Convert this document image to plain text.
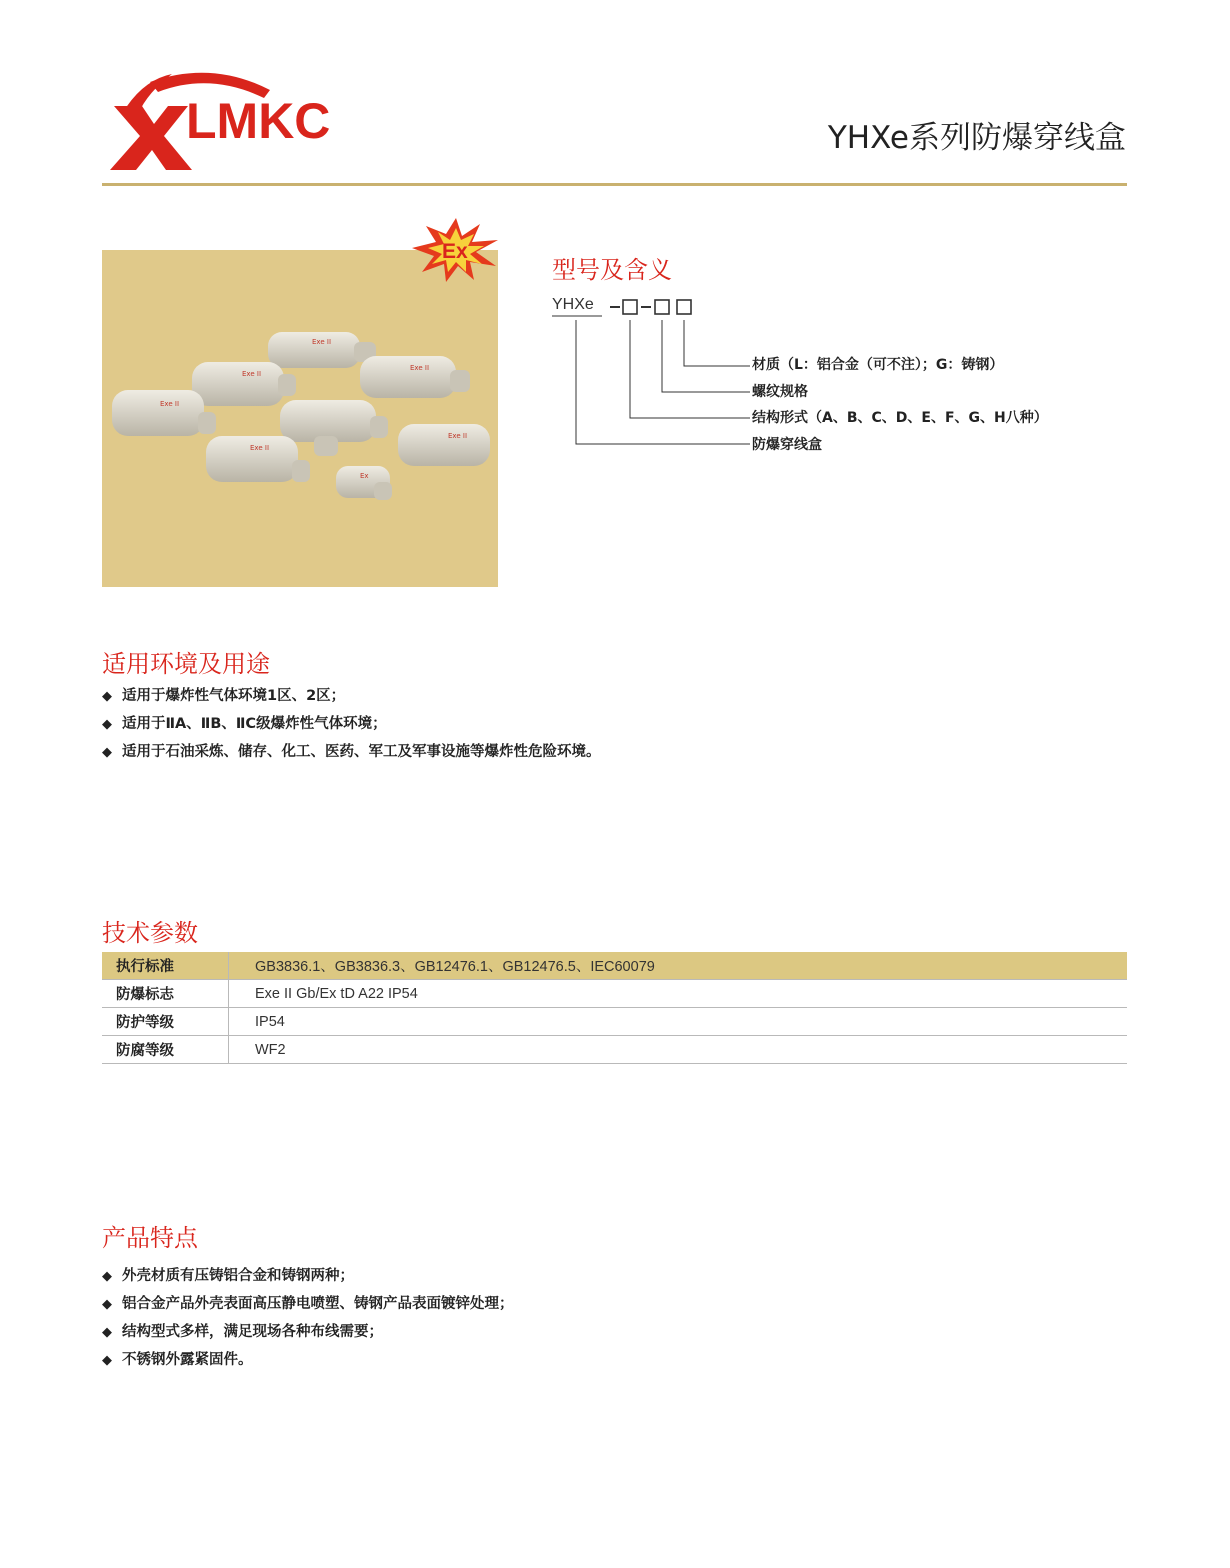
LMKC	YHXe系列防爆穿线盒
Exe II
Exe II
Exe II
Exe II
Exe II
Exe II
Ex
Ex
型号及含义
YHXe
材质（L：铝合金（可不注）；G：铸钢）
螺纹规格
结构形式（A、B、C、D、E、F、G、H八种）
防爆穿线盒
适用环境及用途
◆ 适用于爆炸性气体环境1区、2区；
◆ 适用于ⅡA、ⅡB、ⅡC级爆炸性气体环境；
◆ 适用于石油采炼、储存、化工、医药、军工及军事设施等爆炸性危险环境。
技术参数
执行标准	GB3836.1、GB3836.3、GB12476.1、GB12476.5、IEC60079
防爆标志	Exe II Gb/Ex tD A22 IP54
防护等级	IP54
防腐等级	WF2
产品特点
◆ 外壳材质有压铸铝合金和铸钢两种；
◆ 铝合金产品外壳表面高压静电喷塑、铸钢产品表面镀锌处理；
◆ 结构型式多样，满足现场各种布线需要；
◆ 不锈钢外露紧固件。
